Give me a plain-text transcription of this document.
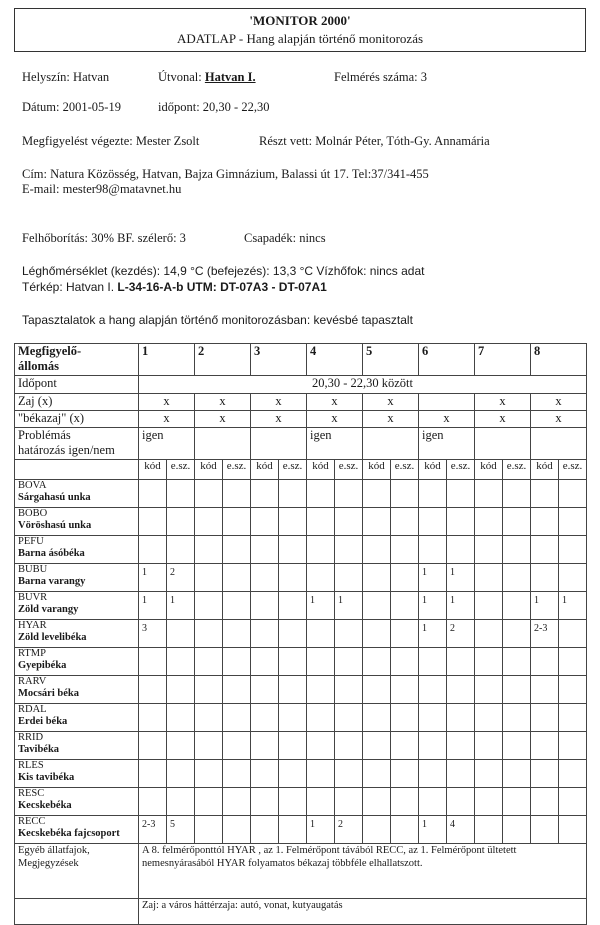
'MONITOR 2000'
ADATLAP - Hang alapján történő monitorozás
Helyszín: Hatvan	Útvonal: Hatvan I.	Felmérés száma: 3
Dátum: 2001-05-19	időpont: 20,30 - 22,30
Megfigyelést végezte: Mester Zsolt	Részt vett: Molnár Péter, Tóth-Gy. Annamária
Cím: Natura Közösség, Hatvan, Bajza Gimnázium, Balassi út 17. Tel:37/341-455
E-mail: mester98@matavnet.hu
Felhőborítás: 30% BF. szélerő: 3	Csapadék: nincs
Léghőmérséklet (kezdés): 14,9 °C (befejezés): 13,3 °C Vízhőfok: nincs adat
Térkép: Hatvan I. L-34-16-A-b UTM: DT-07A3 - DT-07A1
Tapasztalatok a hang alapján történő monitorozásban: kevésbé tapasztalt
Megfigyelő-
állomás	1		2		3		4		5		6		7		8	
Időpont	20,30 - 22,30 között															
Zaj (x)	x		x		x		x		x				x		x	
"békazaj" (x)	x		x		x		x		x		x		x		x	
Problémás
határozás igen/nem	igen						igen				igen					
	kód	e.sz.	kód	e.sz.	kód	e.sz.	kód	e.sz.	kód	e.sz.	kód	e.sz.	kód	e.sz.	kód	e.sz.

BOVA
Sárgahasú unka																

BOBO
Vöröshasú unka																

PEFU
Barna ásóbéka																

BUBU
Barna varangy	1	2									1	1				

BUVR
Zöld varangy	1	1					1	1			1	1			1	1

HYAR
Zöld levelibéka	3										1	2			2-3	

RTMP
Gyepibéka																

RARV
Mocsári béka																

RDAL
Erdei béka																

RRID
Tavibéka																

RLES
Kis tavibéka																

RESC
Kecskebéka																

RECC
Kecskebéka fajcsoport	2-3	5					1	2			1	4				
Egyéb állatfajok,
Megjegyzések	A 8. felmérőponttól HYAR , az 1. Felmérőpont távából RECC, az 1. Felmérőpont ültetett nemesnyárasából HYAR folyamatos békazaj többféle elhallatszott.															

	Zaj: a város háttérzaja: autó, vonat, kutyaugatás															
